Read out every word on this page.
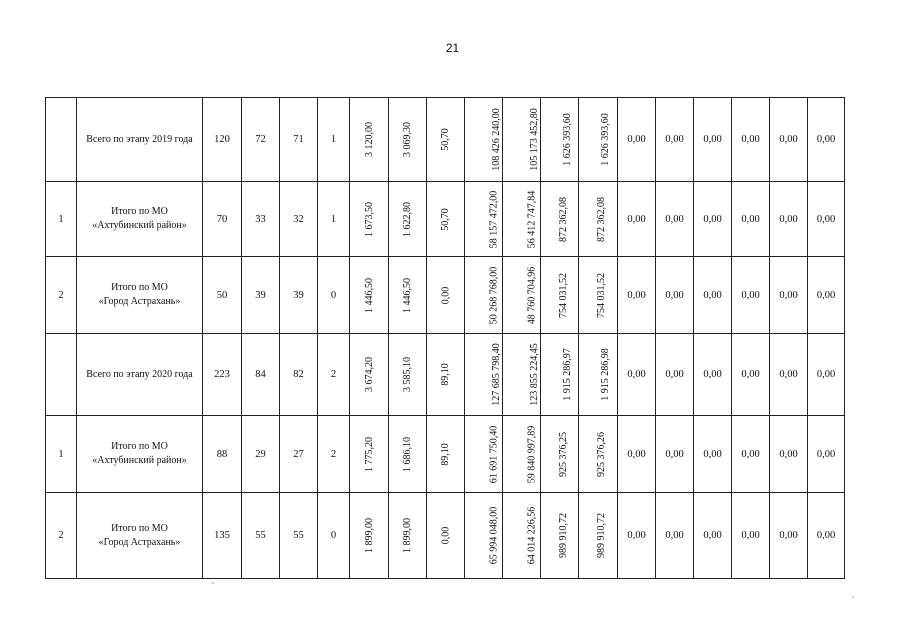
21

	Всего по этапу 2019 года	120	72	71	1	3 120,00	3 069,30	50,70	108 426 240,00	105 173 452,80	1 626 393,60	1 626 393,60	0,00	0,00	0,00	0,00	0,00	0,00
1	Итого по МО
«Ахтубинский район»	70	33	32	1	1 673,50	1 622,80	50,70	58 157 472,00	56 412 747,84	872 362,08	872 362,08	0,00	0,00	0,00	0,00	0,00	0,00
2	Итого по МО
«Город Астрахань»	50	39	39	0	1 446,50	1 446,50	0,00	50 268 768,00	48 760 704,96	754 031,52	754 031,52	0,00	0,00	0,00	0,00	0,00	0,00

	Всего по этапу 2020 года	223	84	82	2	3 674,20	3 585,10	89,10	127 685 798,40	123 855 224,45	1 915 286,97	1 915 286,98	0,00	0,00	0,00	0,00	0,00	0,00
1	Итого по МО
«Ахтубинский район»	88	29	27	2	1 775,20	1 686,10	89,10	61 691 750,40	59 840 997,89	925 376,25	925 376,26	0,00	0,00	0,00	0,00	0,00	0,00
2	Итого по МО
«Город Астрахань»	135	55	55	0	1 899,00	1 899,00	0,00	65 994 048,00	64 014 226,56	989 910,72	989 910,72	0,00	0,00	0,00	0,00	0,00	0,00
